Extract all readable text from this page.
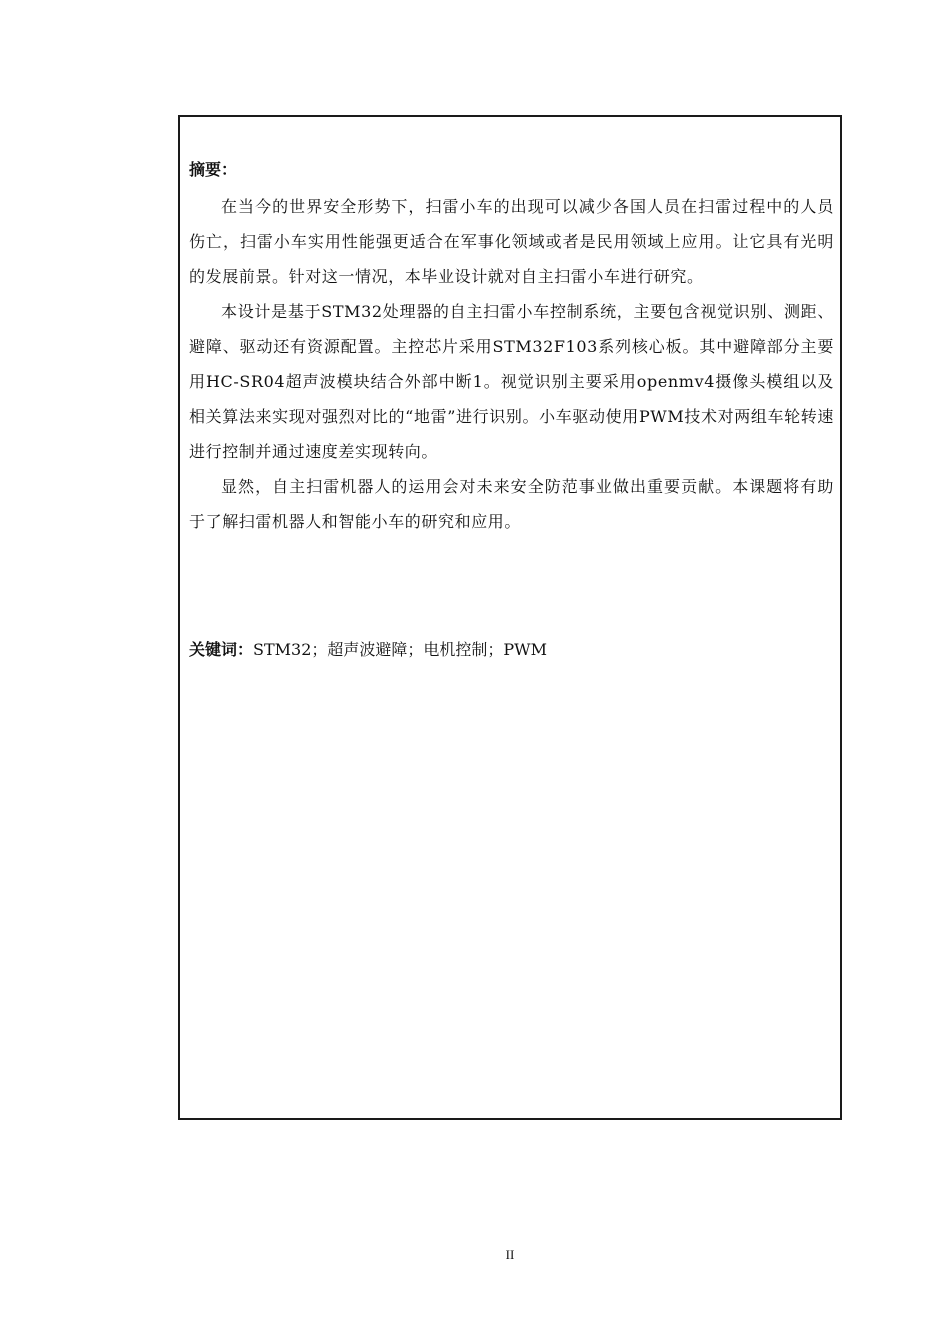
摘要：

在当今的世界安全形势下，扫雷小车的出现可以减少各国人员在扫雷过程中的人员伤亡，扫雷小车实用性能强更适合在军事化领域或者是民用领域上应用。让它具有光明的发展前景。针对这一情况，本毕业设计就对自主扫雷小车进行研究。

本设计是基于STM32处理器的自主扫雷小车控制系统，主要包含视觉识别、测距、避障、驱动还有资源配置。主控芯片采用STM32F103系列核心板。其中避障部分主要用HC-SR04超声波模块结合外部中断1。视觉识别主要采用openmv4摄像头模组以及相关算法来实现对强烈对比的“地雷”进行识别。小车驱动使用PWM技术对两组车轮转速进行控制并通过速度差实现转向。

显然，自主扫雷机器人的运用会对未来安全防范事业做出重要贡献。本课题将有助于了解扫雷机器人和智能小车的研究和应用。

关键词：STM32；超声波避障；电机控制；PWM
II
